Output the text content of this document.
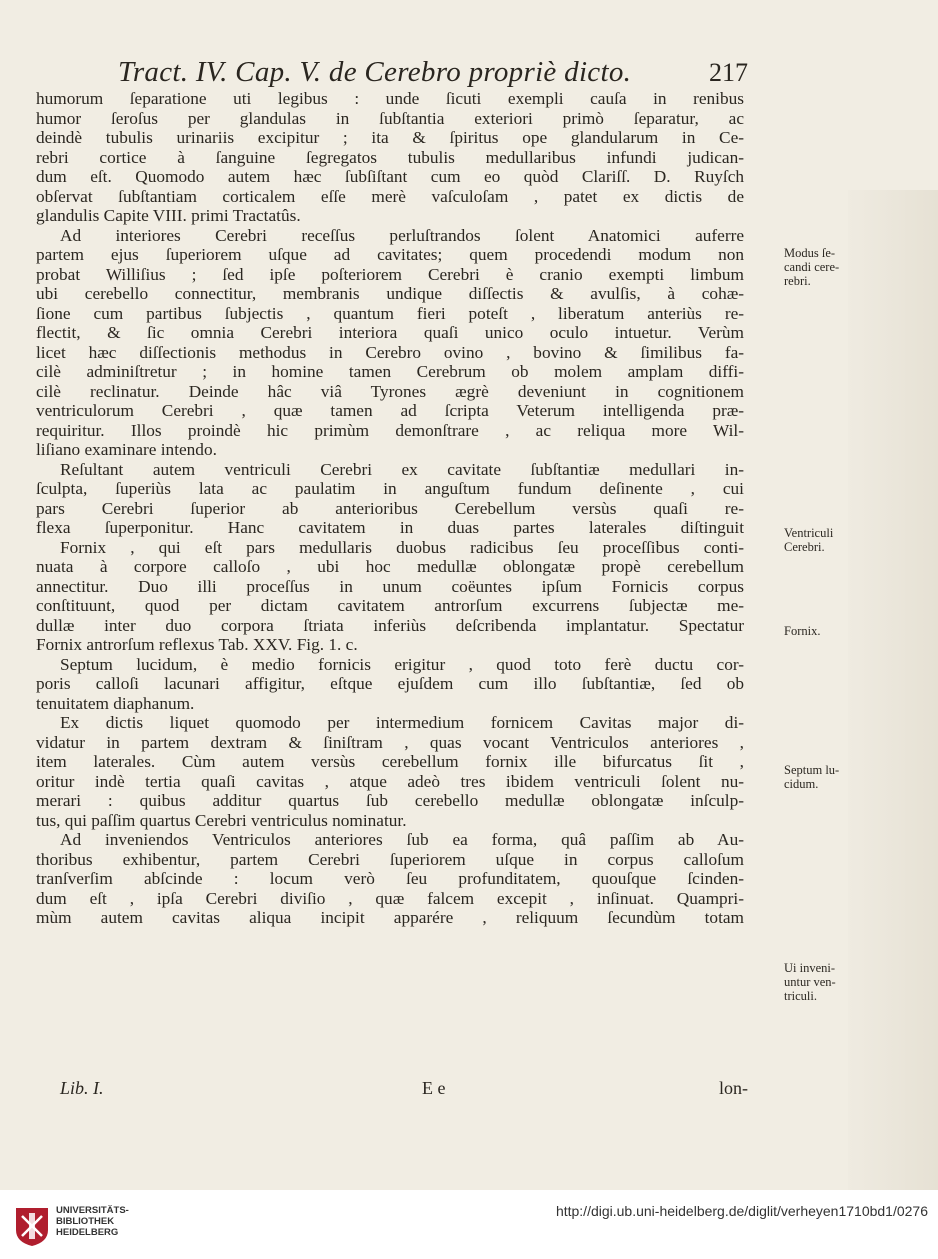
Tract. IV. Cap. V. de Cerebro propriè dicto.	217
humorum ſeparatione uti legibus : unde ſicuti exempli cauſa in renibus
humor ſeroſus per glandulas in ſubſtantia exteriori primò ſeparatur, ac
deindè tubulis urinariis excipitur ; ita & ſpiritus ope glandularum in Ce-
rebri cortice à ſanguine ſegregatos tubulis medullaribus infundi judican-
dum eſt. Quomodo autem hæc ſubſiſtant cum eo quòd Clariſſ. D. Ruyſch
obſervat ſubſtantiam corticalem eſſe merè vaſculoſam , patet ex dictis de
glandulis Capite VIII. primi Tractatûs.
Ad interiores Cerebri receſſus perluſtrandos ſolent Anatomici auferre
partem ejus ſuperiorem uſque ad cavitates; quem procedendi modum non
probat Williſius ; ſed ipſe poſteriorem Cerebri è cranio exempti limbum
ubi cerebello connectitur, membranis undique diſſectis & avulſis, à cohæ-
ſione cum partibus ſubjectis , quantum fieri poteſt , liberatum anteriùs re-
flectit, & ſic omnia Cerebri interiora quaſi unico oculo intuetur. Verùm
licet hæc diſſectionis methodus in Cerebro ovino , bovino & ſimilibus fa-
cilè adminiſtretur ; in homine tamen Cerebrum ob molem amplam diffi-
cilè reclinatur. Deinde hâc viâ Tyrones ægrè deveniunt in cognitionem
ventriculorum Cerebri , quæ tamen ad ſcripta Veterum intelligenda præ-
requiritur. Illos proindè hic primùm demonſtrare , ac reliqua more Wil-
liſiano examinare intendo.
Reſultant autem ventriculi Cerebri ex cavitate ſubſtantiæ medullari in-
ſculpta, ſuperiùs lata ac paulatim in anguſtum fundum deſinente , cui
pars Cerebri ſuperior ab anterioribus Cerebellum versùs quaſi re-
flexa ſuperponitur. Hanc cavitatem in duas partes laterales diſtinguit
Fornix , qui eſt pars medullaris duobus radicibus ſeu proceſſibus conti-
nuata à corpore calloſo , ubi hoc medullæ oblongatæ propè cerebellum
annectitur. Duo illi proceſſus in unum coëuntes ipſum Fornicis corpus
conſtituunt, quod per dictam cavitatem antrorſum excurrens ſubjectæ me-
dullæ inter duo corpora ſtriata inferiùs deſcribenda implantatur. Spectatur
Fornix antrorſum reflexus Tab. XXV. Fig. 1. c.
Septum lucidum, è medio fornicis erigitur , quod toto ferè ductu cor-
poris calloſi lacunari affigitur, eſtque ejuſdem cum illo ſubſtantiæ, ſed ob
tenuitatem diaphanum.
Ex dictis liquet quomodo per intermedium fornicem Cavitas major di-
vidatur in partem dextram & ſiniſtram , quas vocant Ventriculos anteriores ,
item laterales. Cùm autem versùs cerebellum fornix ille bifurcatus ſit ,
oritur indè tertia quaſi cavitas , atque adeò tres ibidem ventriculi ſolent nu-
merari : quibus additur quartus ſub cerebello medullæ oblongatæ inſculp-
tus, qui paſſim quartus Cerebri ventriculus nominatur.
Ad inveniendos Ventriculos anteriores ſub ea forma, quâ paſſim ab Au-
thoribus exhibentur, partem Cerebri ſuperiorem uſque in corpus calloſum
tranſverſim abſcinde : locum verò ſeu profunditatem, quouſque ſcinden-
dum eſt , ipſa Cerebri diviſio , quæ falcem excepit , inſinuat. Quampri-
mùm autem cavitas aliqua incipit apparére , reliquum ſecundùm totam
Modus ſe-
candi cere-
rebri.
Ventriculi
Cerebri.
Fornix.
Septum lu-
cidum.
Ui inveni-
untur ven-
triculi.
Lib. I.	E e	lon-
UNIVERSITÄTS-
BIBLIOTHEK
HEIDELBERG
http://digi.ub.uni-heidelberg.de/diglit/verheyen1710bd1/0276
